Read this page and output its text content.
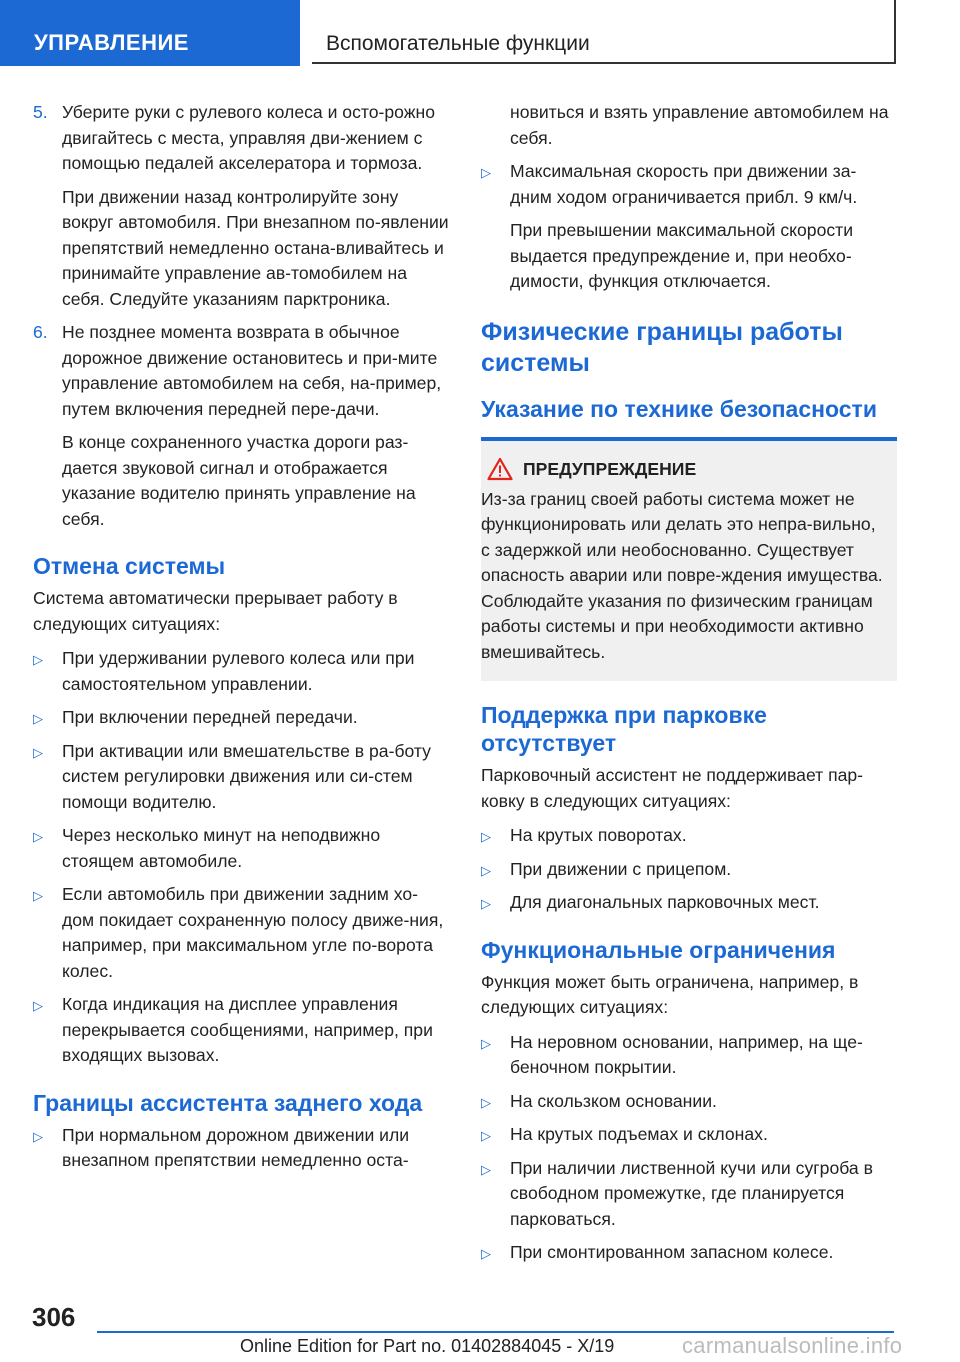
УПРАВЛЕНИЕ	Вспомогательные функции
5. Уберите руки с рулевого колеса и осто-рожно двигайтесь с места, управляя дви-жением с помощью педалей акселератора и тормоза.

При движении назад контролируйте зону вокруг автомобиля. При внезапном по-явлении препятствий немедленно остана-вливайтесь и принимайте управление ав-томобилем на себя. Следуйте указаниям парктроника.

6. Не позднее момента возврата в обычное дорожное движение остановитесь и при-мите управление автомобилем на себя, на-пример, путем включения передней пере-дачи.

В конце сохраненного участка дороги раз-дается звуковой сигнал и отображается указание водителю принять управление на себя.

Отмена системы

Система автоматически прерывает работу в следующих ситуациях:

▷ При удерживании рулевого колеса или при самостоятельном управлении.
▷ При включении передней передачи.
▷ При активации или вмешательстве в ра-боту систем регулировки движения или си-стем помощи водителю.
▷ Через несколько минут на неподвижно стоящем автомобиле.
▷ Если автомобиль при движении задним хо-дом покидает сохраненную полосу движе-ния, например, при максимальном угле по-ворота колес.
▷ Когда индикация на дисплее управления перекрывается сообщениями, например, при входящих вызовах.
Границы ассистента заднего хода
▷ При нормальном дорожном движении или внезапном препятствии немедленно оста-
новиться и взять управление автомобилем на себя.
▷ Максимальная скорость при движении за-дним ходом ограничивается прибл. 9 км/ч.
При превышении максимальной скорости выдается предупреждение и, при необхо-димости, функция отключается.
Физические границы работы системы
Указание по технике безопасности
ПРЕДУПРЕЖДЕНИЕ
Из-за границ своей работы система может не функционировать или делать это непра-вильно, с задержкой или необоснованно. Существует опасность аварии или повре-ждения имущества. Соблюдайте указания по физическим границам работы системы и при необходимости активно вмешивайтесь.
Поддержка при парковке отсутствует

Парковочный ассистент не поддерживает пар-ковку в следующих ситуациях:

▷ На крутых поворотах.
▷ При движении с прицепом.
▷ Для диагональных парковочных мест.
Функциональные ограничения

Функция может быть ограничена, например, в следующих ситуациях:

▷ На неровном основании, например, на ще-беночном покрытии.
▷ На скользком основании.
▷ На крутых подъемах и склонах.
▷ При наличии лиственной кучи или сугроба в свободном промежутке, где планируется парковаться.
▷ При смонтированном запасном колесе.
306
Online Edition for Part no. 01402884045 - X/19	carmanualsonline.info
